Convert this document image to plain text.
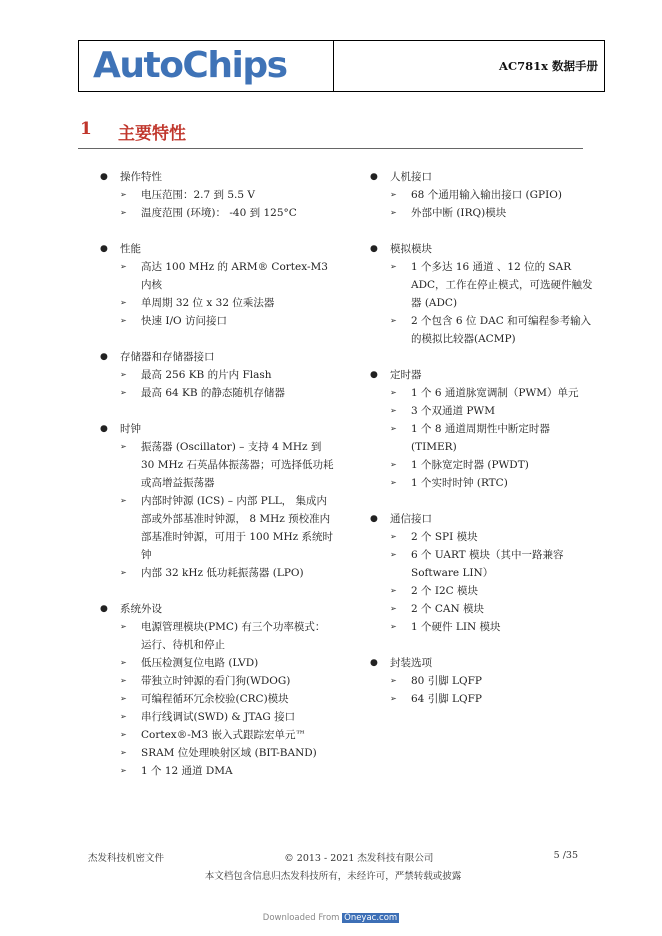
AutoChips	AC781x 数据手册
1	主要特性
●	操作特性
➢	电压范围：2.7 到 5.5 V
➢	温度范围 (环境)： -40 到 125°C
●	性能
➢	高达 100 MHz 的 ARM® Cortex-M3 内核
➢	单周期 32 位 x 32 位乘法器
➢	快速 I/O 访问接口
●	存储器和存储器接口
➢	最高 256 KB 的片内 Flash
➢	最高 64 KB 的静态随机存储器
●	时钟
➢	振荡器 (Oscillator) – 支持 4 MHz 到 30 MHz 石英晶体振荡器；可选择低功耗或高增益振荡器
➢	内部时钟源 (ICS) – 内部 PLL， 集成内部或外部基准时钟源， 8 MHz 预校准内部基准时钟源，可用于 100 MHz 系统时钟
➢	内部 32 kHz 低功耗振荡器 (LPO)
●	系统外设
➢	电源管理模块(PMC) 有三个功率模式：运行、待机和停止
➢	低压检测复位电路 (LVD)
➢	带独立时钟源的看门狗(WDOG)
➢	可编程循环冗余校验(CRC)模块
➢	串行线调试(SWD) & JTAG 接口
➢	Cortex®-M3 嵌入式跟踪宏单元™
➢	SRAM 位处理映射区域 (BIT-BAND)
➢	1 个 12 通道 DMA
●	人机接口
➢	68 个通用输入输出接口 (GPIO)
➢	外部中断 (IRQ)模块
●	模拟模块
➢	1 个多达 16 通道 、12 位的 SAR ADC，工作在停止模式，可选硬件触发器 (ADC)
➢	2 个包含 6 位 DAC 和可编程参考输入的模拟比较器(ACMP)
●	定时器
➢	1 个 6 通道脉宽调制（PWM）单元
➢	3 个双通道 PWM
➢	1 个 8 通道周期性中断定时器 (TIMER)
➢	1 个脉宽定时器 (PWDT)
➢	1 个实时时钟 (RTC)
●	通信接口
➢	2 个 SPI 模块
➢	6 个 UART 模块（其中一路兼容 Software LIN）
➢	2 个 I2C 模块
➢	2 个 CAN 模块
➢	1 个硬件 LIN 模块
●	封装选项
➢	80 引脚 LQFP
➢	64 引脚 LQFP
杰发科技机密文件	© 2013 - 2021 杰发科技有限公司	5 /35
本文档包含信息归杰发科技所有，未经许可，严禁转载或披露
Downloaded From Oneyac.com
